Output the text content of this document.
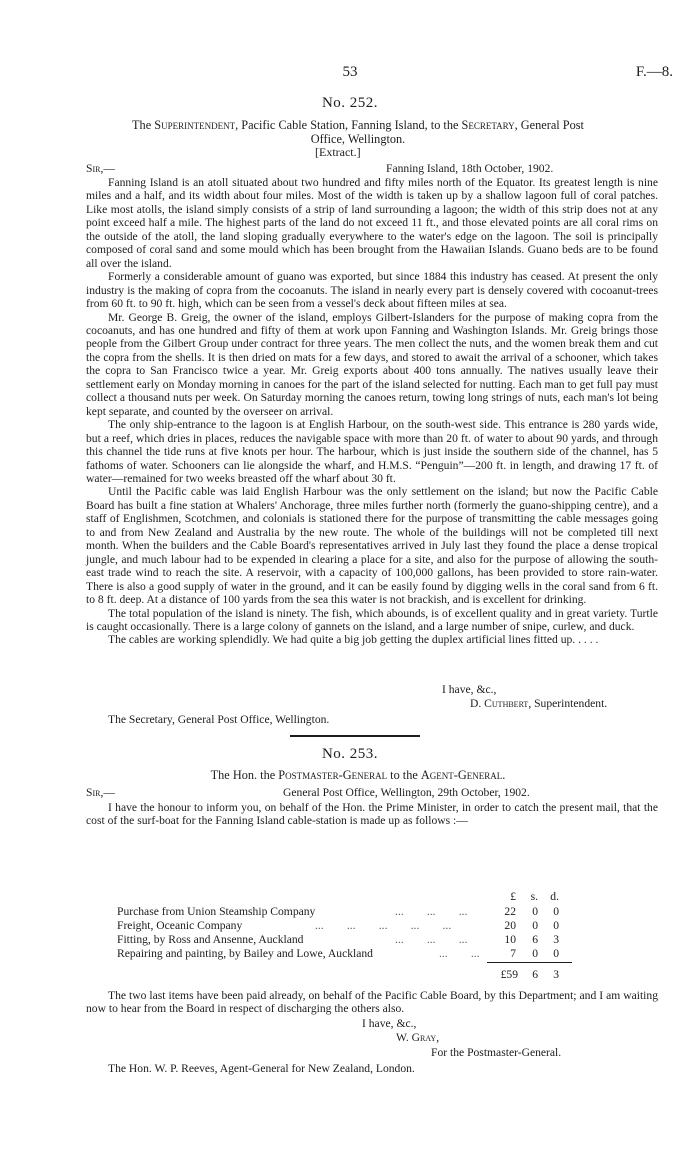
53	F.—8.
No. 252.
The Superintendent, Pacific Cable Station, Fanning Island, to the Secretary, General Post
Office, Wellington.
[Extract.]
Sir,—	Fanning Island, 18th October, 1902.

Fanning Island is an atoll situated about two hundred and fifty miles north of the Equator. Its greatest length is nine miles and a half, and its width about four miles. Most of the width is taken up by a shallow lagoon full of coral patches. Like most atolls, the island simply consists of a strip of land surrounding a lagoon; the width of this strip does not at any point exceed half a mile. The highest parts of the land do not exceed 11 ft., and those elevated points are all coral rims on the outside of the atoll, the land sloping gradually everywhere to the water's edge on the lagoon. The soil is principally composed of coral sand and some mould which has been brought from the Hawaiian Islands. Guano beds are to be found all over the island.

Formerly a considerable amount of guano was exported, but since 1884 this industry has ceased. At present the only industry is the making of copra from the cocoanuts. The island in nearly every part is densely covered with cocoanut-trees from 60 ft. to 90 ft. high, which can be seen from a vessel's deck about fifteen miles at sea.

Mr. George B. Greig, the owner of the island, employs Gilbert-Islanders for the purpose of making copra from the cocoanuts, and has one hundred and fifty of them at work upon Fanning and Washington Islands. Mr. Greig brings those people from the Gilbert Group under contract for three years. The men collect the nuts, and the women break them and cut the copra from the shells. It is then dried on mats for a few days, and stored to await the arrival of a schooner, which takes the copra to San Francisco twice a year. Mr. Greig exports about 400 tons annually. The natives usually leave their settlement early on Monday morning in canoes for the part of the island selected for nutting. Each man to get full pay must collect a thousand nuts per week. On Saturday morning the canoes return, towing long strings of nuts, each man's lot being kept separate, and counted by the overseer on arrival.

The only ship-entrance to the lagoon is at English Harbour, on the south-west side. This entrance is 280 yards wide, but a reef, which dries in places, reduces the navigable space with more than 20 ft. of water to about 90 yards, and through this channel the tide runs at five knots per hour. The harbour, which is just inside the southern side of the channel, has 5 fathoms of water. Schooners can lie alongside the wharf, and H.M.S. “Penguin”—200 ft. in length, and drawing 17 ft. of water—remained for two weeks breasted off the wharf about 30 ft.

Until the Pacific cable was laid English Harbour was the only settlement on the island; but now the Pacific Cable Board has built a fine station at Whalers' Anchorage, three miles further north (formerly the guano-shipping centre), and a staff of Englishmen, Scotchmen, and colonials is stationed there for the purpose of transmitting the cable messages going to and from New Zealand and Australia by the new route. The whole of the buildings will not be completed till next month. When the builders and the Cable Board's representatives arrived in July last they found the place a dense tropical jungle, and much labour had to be expended in clearing a place for a site, and also for the purpose of allowing the south-east trade wind to reach the site. A reservoir, with a capacity of 100,000 gallons, has been provided to store rain-water. There is also a good supply of water in the ground, and it can be easily found by digging wells in the coral sand from 6 ft. to 8 ft. deep. At a distance of 100 yards from the sea this water is not brackish, and is excellent for drinking.

The total population of the island is ninety. The fish, which abounds, is of excellent quality and in great variety. Turtle is caught occasionally. There is a large colony of gannets on the island, and a large number of snipe, curlew, and duck.

The cables are working splendidly. We had quite a big job getting the duplex artificial lines fitted up. . . . .

I have, &c.,
D. Cuthbert, Superintendent.
The Secretary, General Post Office, Wellington.
No. 253.
The Hon. the Postmaster-General to the Agent-General.
Sir,—	General Post Office, Wellington, 29th October, 1902.

I have the honour to inform you, on behalf of the Hon. the Prime Minister, in order to catch the present mail, that the cost of the surf-boat for the Fanning Island cable-station is made up as follows :—

£	s.	d.
Purchase from Union Steamship Company	...        ...        ...	22	0	0
Freight, Oceanic Company	...        ...        ...        ...        ...	20	0	0
Fitting, by Ross and Ansenne, Auckland	...        ...        ...	10	6	3
Repairing and painting, by Bailey and Lowe, Auckland	...        ...	7	0	0
£59	6	3

The two last items have been paid already, on behalf of the Pacific Cable Board, by this Department; and I am waiting now to hear from the Board in respect of discharging the others also.

I have, &c.,
W. Gray,
For the Postmaster-General.
The Hon. W. P. Reeves, Agent-General for New Zealand, London.
